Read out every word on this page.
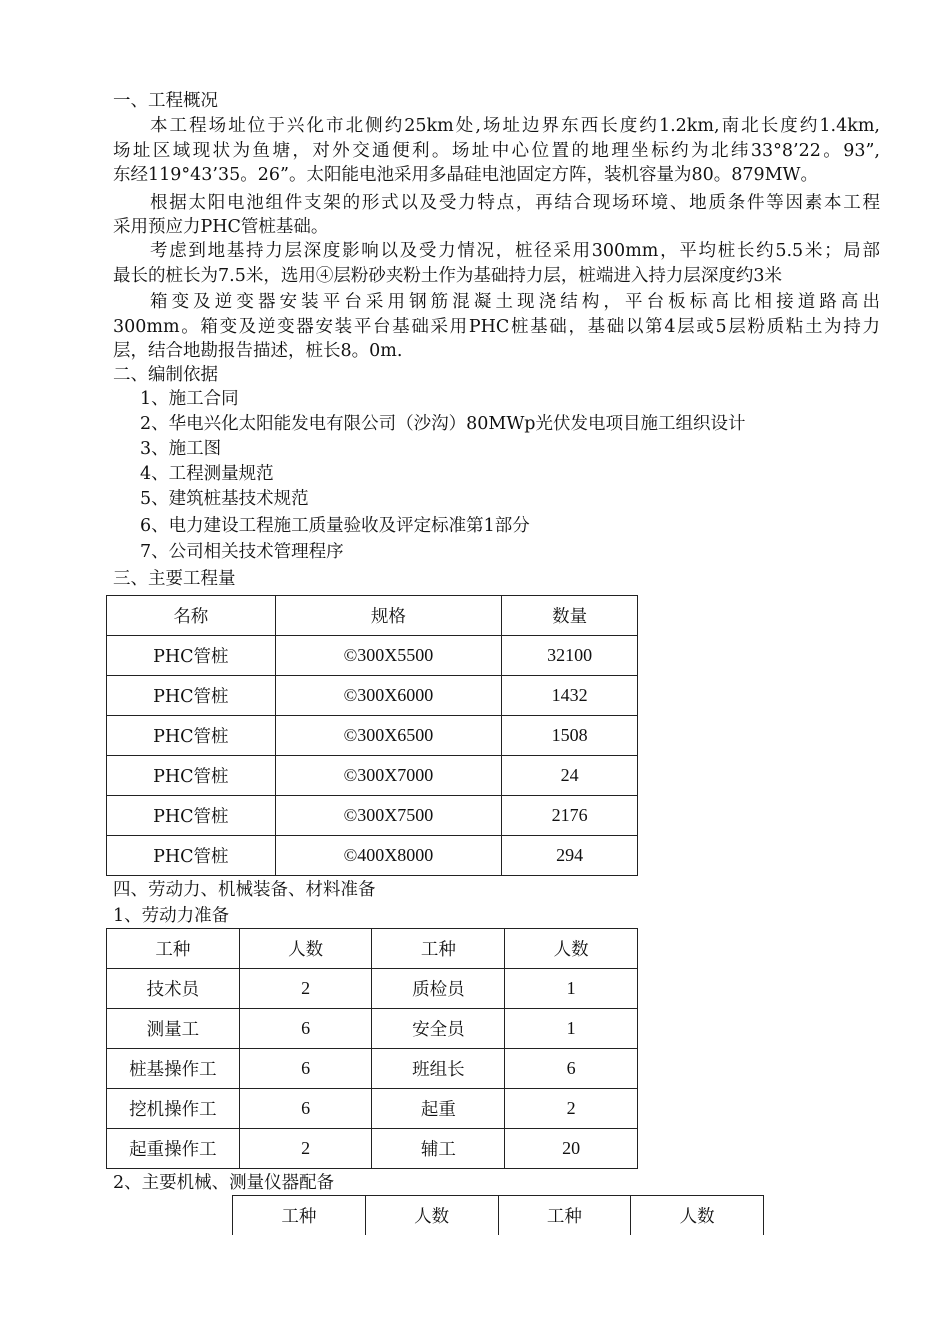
一、工程概况
本工程场址位于兴化市北侧约25km处,场址边界东西长度约1.2km,南北长度约1.4km,
场址区域现状为鱼塘，对外交通便利。场址中心位置的地理坐标约为北纬33°8’22。93”,
东经119°43’35。26”。太阳能电池采用多晶硅电池固定方阵，装机容量为80。879MW。
根据太阳电池组件支架的形式以及受力特点，再结合现场环境、地质条件等因素本工程
采用预应力PHC管桩基础。
考虑到地基持力层深度影响以及受力情况，桩径采用300mm，平均桩长约5.5米；局部
最长的桩长为7.5米，选用④层粉砂夹粉土作为基础持力层，桩端进入持力层深度约3米
箱变及逆变器安装平台采用钢筋混凝土现浇结构，平台板标高比相接道路高出
300mm。箱变及逆变器安装平台基础采用PHC桩基础，基础以第4层或5层粉质粘土为持力
层，结合地勘报告描述，桩长8。0m.
二、编制依据
1、施工合同
2、华电兴化太阳能发电有限公司（沙沟）80MWp光伏发电项目施工组织设计
3、施工图
4、工程测量规范
5、建筑桩基技术规范
6、电力建设工程施工质量验收及评定标准第1部分
7、公司相关技术管理程序
三、主要工程量
名称	规格	数量
PHC管桩	©300X5500	32100
PHC管桩	©300X6000	1432
PHC管桩	©300X6500	1508
PHC管桩	©300X7000	24
PHC管桩	©300X7500	2176
PHC管桩	©400X8000	294
四、劳动力、机械装备、材料准备
1、劳动力准备
工种	人数	工种	人数
技术员	2	质检员	1
测量工	6	安全员	1
桩基操作工	6	班组长	6
挖机操作工	6	起重	2
起重操作工	2	辅工	20
2、主要机械、测量仪器配备
工种	人数	工种	人数
